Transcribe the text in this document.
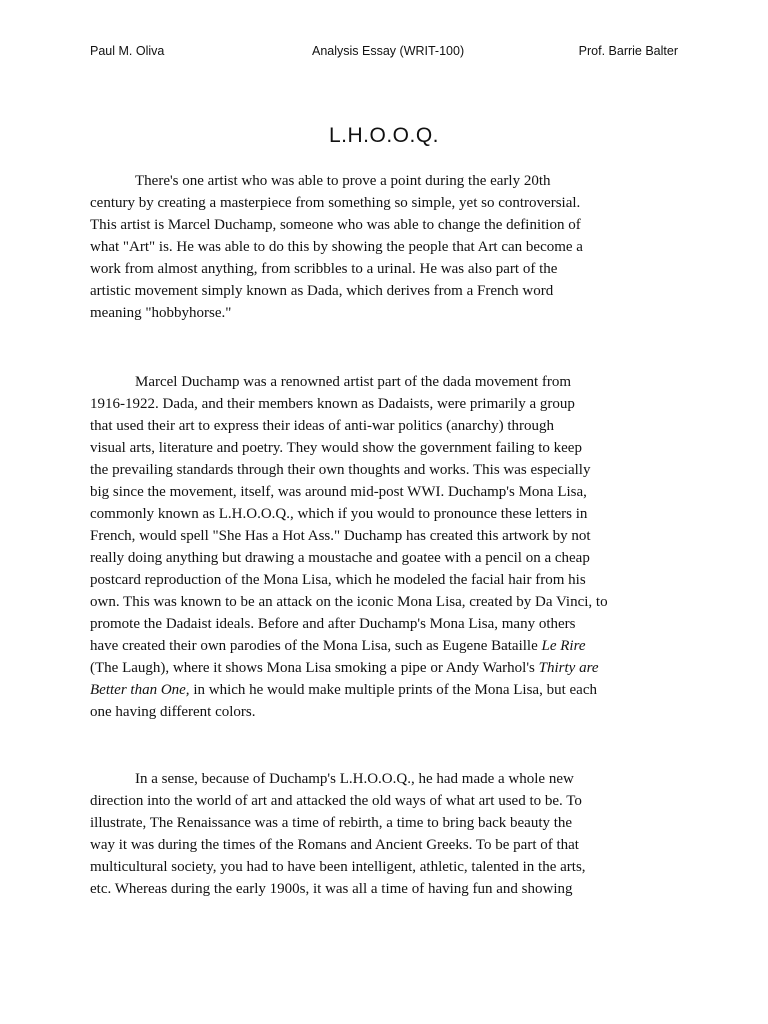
Paul M. Oliva	Analysis Essay (WRIT-100)	Prof. Barrie Balter
L.H.O.O.Q.
There's one artist who was able to prove a point during the early 20th
century by creating a masterpiece from something so simple, yet so controversial.
This artist is Marcel Duchamp, someone who was able to change the definition of
what "Art" is. He was able to do this by showing the people that Art can become a
work from almost anything, from scribbles to a urinal. He was also part of the
artistic movement simply known as Dada, which derives from a French word
meaning "hobbyhorse."
Marcel Duchamp was a renowned artist part of the dada movement from
1916-1922. Dada, and their members known as Dadaists, were primarily a group
that used their art to express their ideas of anti-war politics (anarchy) through
visual arts, literature and poetry. They would show the government failing to keep
the prevailing standards through their own thoughts and works. This was especially
big since the movement, itself, was around mid-post WWI. Duchamp's Mona Lisa,
commonly known as L.H.O.O.Q., which if you would to pronounce these letters in
French, would spell "She Has a Hot Ass." Duchamp has created this artwork by not
really doing anything but drawing a moustache and goatee with a pencil on a cheap
postcard reproduction of the Mona Lisa, which he modeled the facial hair from his
own. This was known to be an attack on the iconic Mona Lisa, created by Da Vinci, to
promote the Dadaist ideals. Before and after Duchamp's Mona Lisa, many others
have created their own parodies of the Mona Lisa, such as Eugene Bataille Le Rire
(The Laugh), where it shows Mona Lisa smoking a pipe or Andy Warhol's Thirty are
Better than One, in which he would make multiple prints of the Mona Lisa, but each
one having different colors.
In a sense, because of Duchamp's L.H.O.O.Q., he had made a whole new
direction into the world of art and attacked the old ways of what art used to be. To
illustrate, The Renaissance was a time of rebirth, a time to bring back beauty the
way it was during the times of the Romans and Ancient Greeks. To be part of that
multicultural society, you had to have been intelligent, athletic, talented in the arts,
etc. Whereas during the early 1900s, it was all a time of having fun and showing
